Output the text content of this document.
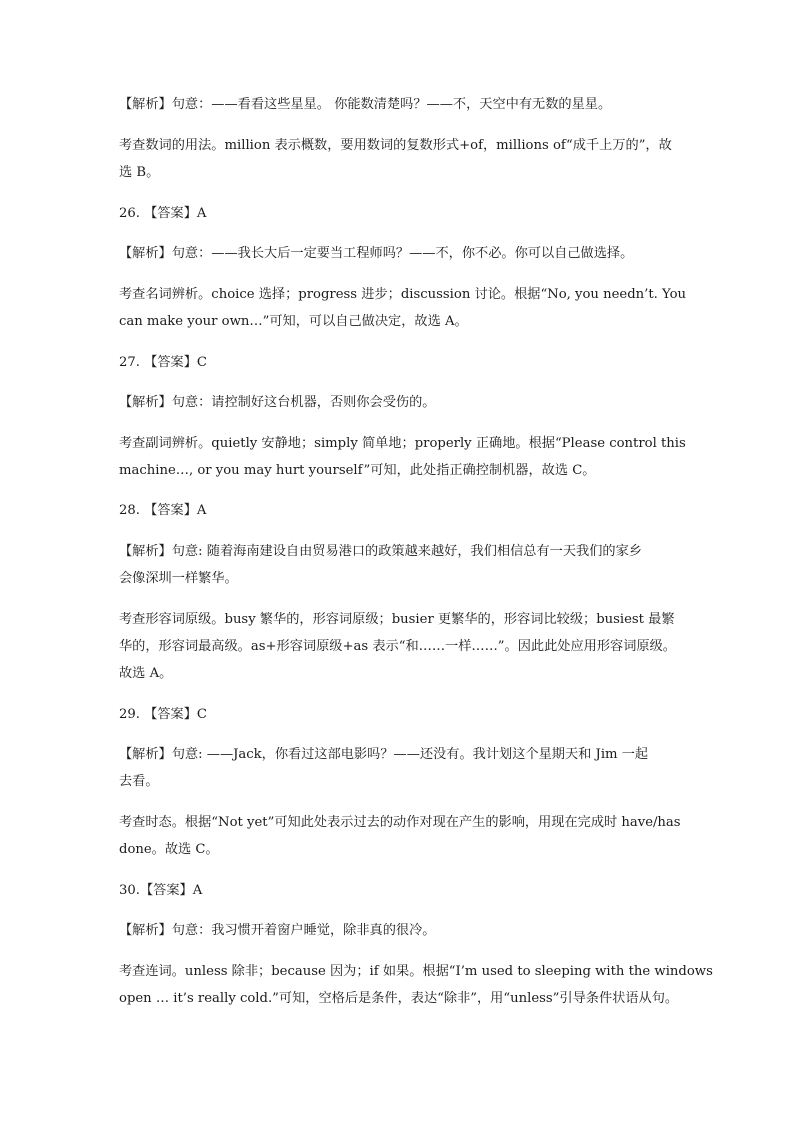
【解析】句意：——看看这些星星。 你能数清楚吗？——不，天空中有无数的星星。
考查数词的用法。million 表示概数，要用数词的复数形式+of，millions of“成千上万的”，故
选 B。
26. 【答案】A
【解析】句意：——我长大后一定要当工程师吗？——不，你不必。你可以自己做选择。
考查名词辨析。choice 选择；progress 进步；discussion 讨论。根据“No, you needn’t. You
can make your own…”可知，可以自己做决定，故选 A。
27. 【答案】C
【解析】句意：请控制好这台机器，否则你会受伤的。
考查副词辨析。quietly 安静地；simply 简单地；properly 正确地。根据“Please control this
machine…, or you may hurt yourself”可知，此处指正确控制机器，故选 C。
28. 【答案】A
【解析】句意: 随着海南建设自由贸易港口的政策越来越好，我们相信总有一天我们的家乡
会像深圳一样繁华。
考查形容词原级。busy 繁华的，形容词原级；busier 更繁华的，形容词比较级；busiest 最繁
华的，形容词最高级。as+形容词原级+as 表示“和……一样……”。因此此处应用形容词原级。
故选 A。
29. 【答案】C
【解析】句意: ——Jack，你看过这部电影吗？——还没有。我计划这个星期天和 Jim 一起
去看。
考查时态。根据“Not yet”可知此处表示过去的动作对现在产生的影响，用现在完成时 have/has
done。故选 C。
30.【答案】A
【解析】句意：我习惯开着窗户睡觉，除非真的很冷。
考查连词。unless 除非；because 因为；if 如果。根据“I’m used to sleeping with the windows
open … it’s really cold.”可知，空格后是条件，表达“除非”，用“unless”引导条件状语从句。
